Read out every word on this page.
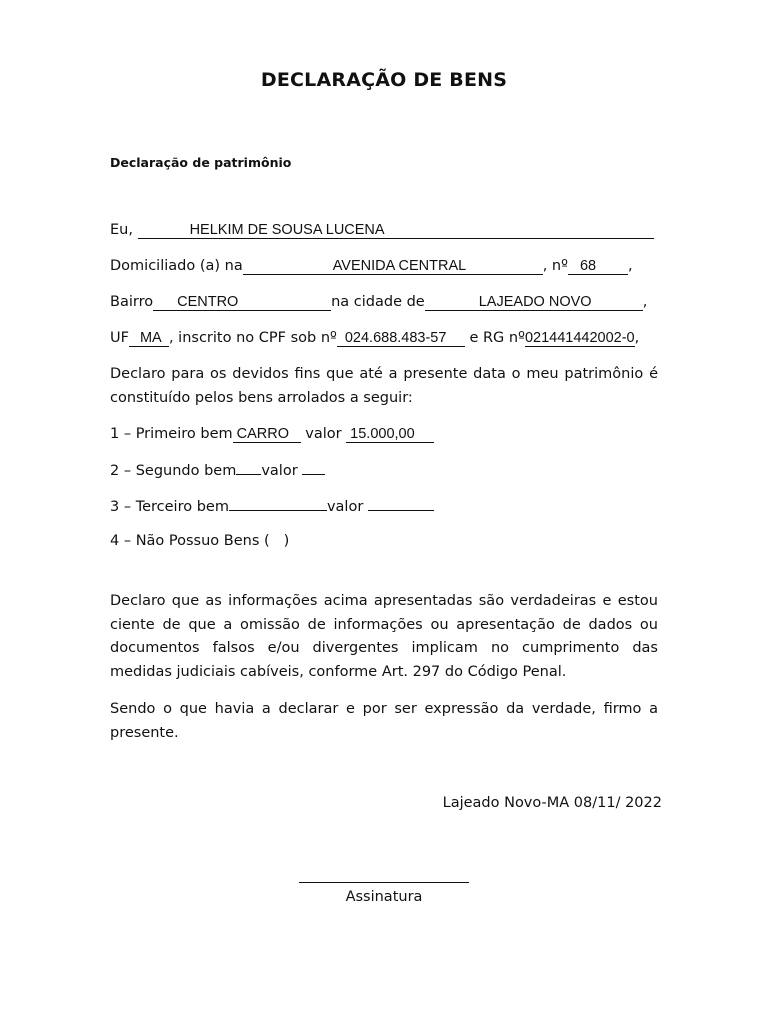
DECLARAÇÃO DE BENS
Declaração de patrimônio
Eu,	HELKIM DE SOUSA LUCENA
Domiciliado (a) na	AVENIDA CENTRAL	, nº 68 ,
Bairro CENTRO	na cidade de	LAJEADO NOVO	,
UF MA , inscrito no CPF sob nº 024.688.483-57 e RG nº021441442002-0,
Declaro para os devidos fins que até a presente data o meu patrimônio é constituído pelos bens arrolados a seguir:
1 – Primeiro bem CARRO valor 15.000,00
2 – Segundo bem valor
3 – Terceiro bem	valor
4 – Não Possuo Bens ( )
Declaro que as informações acima apresentadas são verdadeiras e estou ciente de que a omissão de informações ou apresentação de dados ou documentos falsos e/ou divergentes implicam no cumprimento das medidas judiciais cabíveis, conforme Art. 297 do Código Penal.
Sendo o que havia a declarar e por ser expressão da verdade, firmo a presente.
Lajeado Novo-MA 08/11/ 2022
Assinatura
